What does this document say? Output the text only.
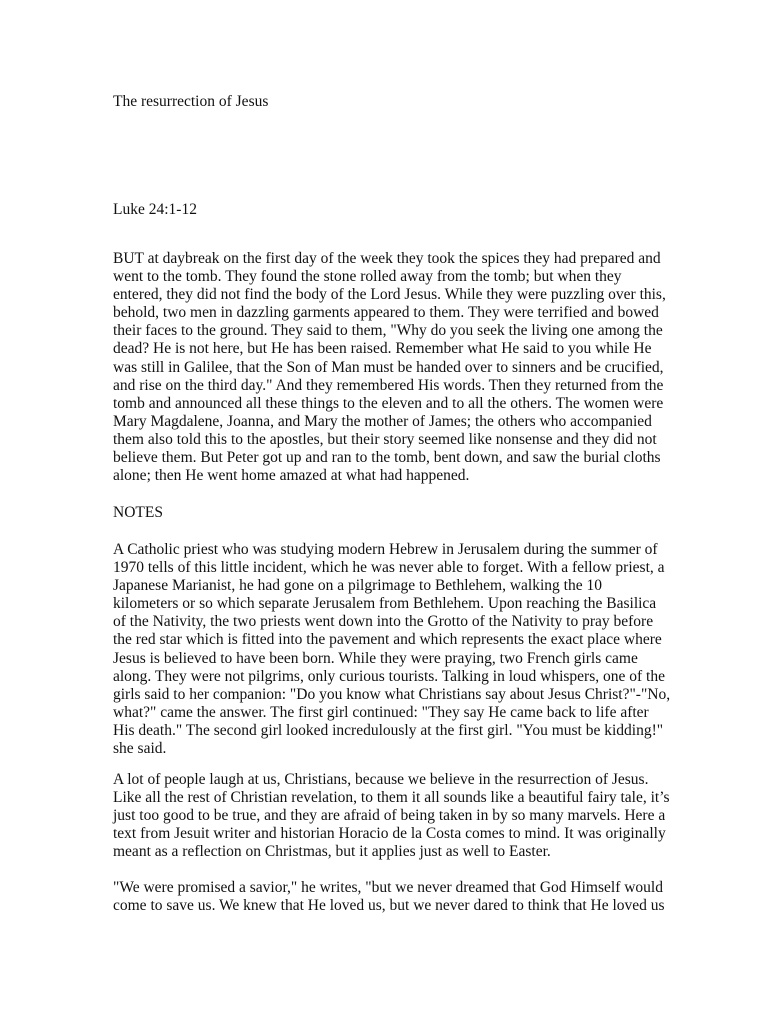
The resurrection of Jesus
Luke 24:1-12
BUT at daybreak on the first day of the week they took the spices they had prepared and
went to the tomb. They found the stone rolled away from the tomb; but when they
entered, they did not find the body of the Lord Jesus. While they were puzzling over this,
behold, two men in dazzling garments appeared to them. They were terrified and bowed
their faces to the ground. They said to them, "Why do you seek the living one among the
dead? He is not here, but He has been raised. Remember what He said to you while He
was still in Galilee, that the Son of Man must be handed over to sinners and be crucified,
and rise on the third day." And they remembered His words. Then they returned from the
tomb and announced all these things to the eleven and to all the others. The women were
Mary Magdalene, Joanna, and Mary the mother of James; the others who accompanied
them also told this to the apostles, but their story seemed like nonsense and they did not
believe them. But Peter got up and ran to the tomb, bent down, and saw the burial cloths
alone; then He went home amazed at what had happened.
NOTES
A Catholic priest who was studying modern Hebrew in Jerusalem during the summer of
1970 tells of this little incident, which he was never able to forget. With a fellow priest, a
Japanese Marianist, he had gone on a pilgrimage to Bethlehem, walking the 10
kilometers or so which separate Jerusalem from Bethlehem. Upon reaching the Basilica
of the Nativity, the two priests went down into the Grotto of the Nativity to pray before
the red star which is fitted into the pavement and which represents the exact place where
Jesus is believed to have been born. While they were praying, two French girls came
along. They were not pilgrims, only curious tourists. Talking in loud whispers, one of the
girls said to her companion: "Do you know what Christians say about Jesus Christ?"-"No,
what?" came the answer. The first girl continued: "They say He came back to life after
His death." The second girl looked incredulously at the first girl. "You must be kidding!"
she said.
A lot of people laugh at us, Christians, because we believe in the resurrection of Jesus.
Like all the rest of Christian revelation, to them it all sounds like a beautiful fairy tale, it’s
just too good to be true, and they are afraid of being taken in by so many marvels. Here a
text from Jesuit writer and historian Horacio de la Costa comes to mind. It was originally
meant as a reflection on Christmas, but it applies just as well to Easter.
"We were promised a savior," he writes, "but we never dreamed that God Himself would
come to save us. We knew that He loved us, but we never dared to think that He loved us
